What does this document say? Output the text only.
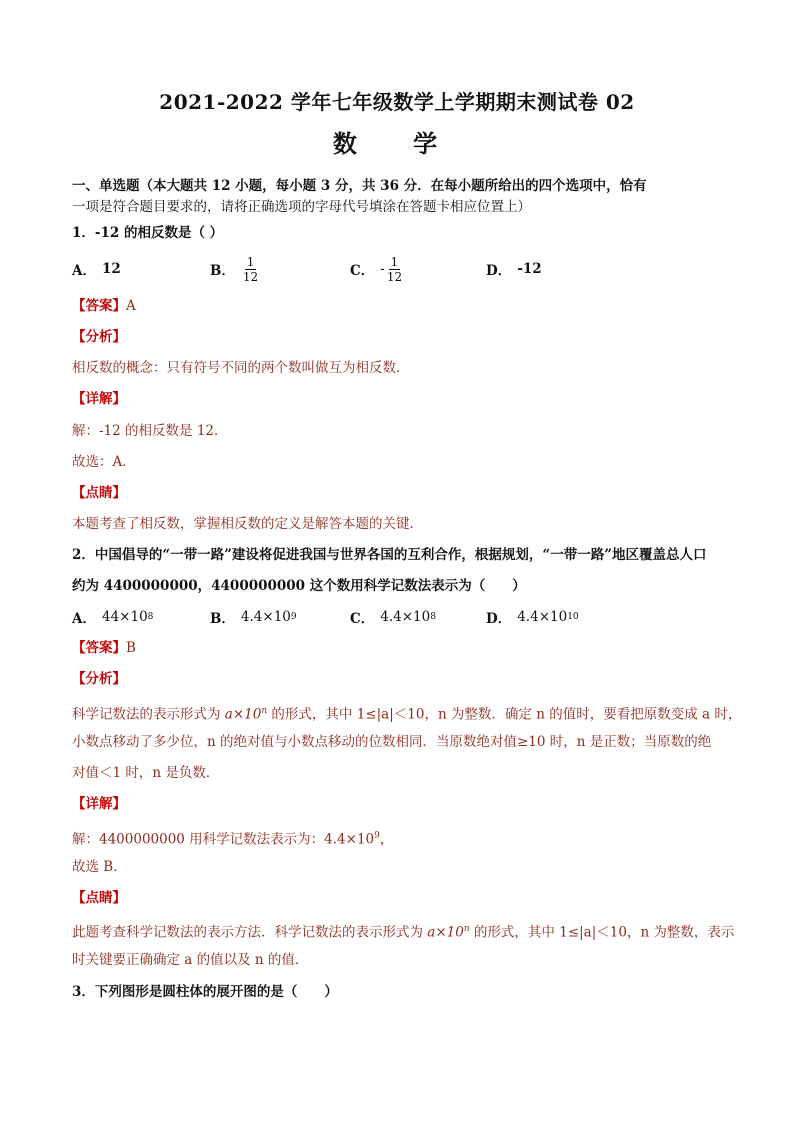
2021-2022 学年七年级数学上学期期末测试卷 02
数 学
一、单选题（本大题共 12 小题，每小题 3 分，共 36 分．在每小题所给出的四个选项中，恰有
一项是符合题目要求的，请将正确选项的字母代号填涂在答题卡相应位置上）
1．-12 的相反数是（ ）
A． 12	B． $\frac{1}{12}$	C． - $\frac{1}{12}$	D． -12
【答案】A
【分析】
相反数的概念：只有符号不同的两个数叫做互为相反数．
【详解】
解：-12 的相反数是 12．
故选：A．
【点睛】
本题考查了相反数，掌握相反数的定义是解答本题的关键．
2．中国倡导的“一带一路”建设将促进我国与世界各国的互利合作，根据规划，“一带一路”地区覆盖总人口
约为 4400000000，4400000000 这个数用科学记数法表示为（　　）
A． 44×10 8	B． 4.4×10 9	C． 4.4×10 8	D． 4.4×10 10
【答案】B
【分析】
科学记数法的表示形式为 $a\times 10^n$ 的形式，其中 1≤|a|＜10，n 为整数．确定 n 的值时，要看把原数变成 a 时，
小数点移动了多少位，n 的绝对值与小数点移动的位数相同．当原数绝对值≥10 时，n 是正数；当原数的绝
对值＜1 时，n 是负数．
【详解】
解：4400000000 用科学记数法表示为：$4.4\times 10^9$，
故选 B．
【点睛】
此题考查科学记数法的表示方法．科学记数法的表示形式为 $a\times 10^n$ 的形式，其中 1≤|a|＜10，n 为整数，表示
时关键要正确确定 a 的值以及 n 的值．
3．下列图形是圆柱体的展开图的是（　　）
